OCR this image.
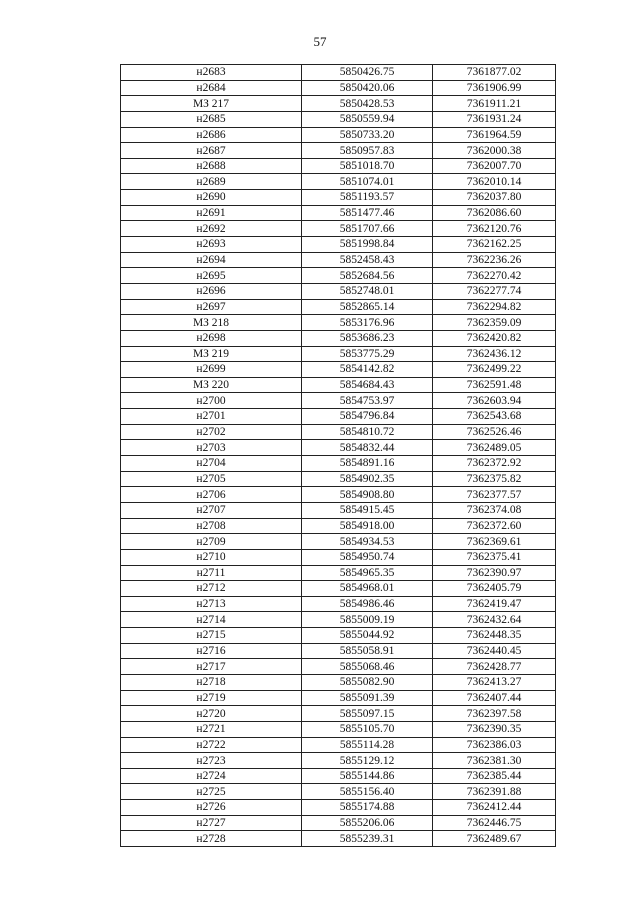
57
н2683	5850426.75	7361877.02
н2684	5850420.06	7361906.99
МЗ 217	5850428.53	7361911.21
н2685	5850559.94	7361931.24
н2686	5850733.20	7361964.59
н2687	5850957.83	7362000.38
н2688	5851018.70	7362007.70
н2689	5851074.01	7362010.14
н2690	5851193.57	7362037.80
н2691	5851477.46	7362086.60
н2692	5851707.66	7362120.76
н2693	5851998.84	7362162.25
н2694	5852458.43	7362236.26
н2695	5852684.56	7362270.42
н2696	5852748.01	7362277.74
н2697	5852865.14	7362294.82
МЗ 218	5853176.96	7362359.09
н2698	5853686.23	7362420.82
МЗ 219	5853775.29	7362436.12
н2699	5854142.82	7362499.22
МЗ 220	5854684.43	7362591.48
н2700	5854753.97	7362603.94
н2701	5854796.84	7362543.68
н2702	5854810.72	7362526.46
н2703	5854832.44	7362489.05
н2704	5854891.16	7362372.92
н2705	5854902.35	7362375.82
н2706	5854908.80	7362377.57
н2707	5854915.45	7362374.08
н2708	5854918.00	7362372.60
н2709	5854934.53	7362369.61
н2710	5854950.74	7362375.41
н2711	5854965.35	7362390.97
н2712	5854968.01	7362405.79
н2713	5854986.46	7362419.47
н2714	5855009.19	7362432.64
н2715	5855044.92	7362448.35
н2716	5855058.91	7362440.45
н2717	5855068.46	7362428.77
н2718	5855082.90	7362413.27
н2719	5855091.39	7362407.44
н2720	5855097.15	7362397.58
н2721	5855105.70	7362390.35
н2722	5855114.28	7362386.03
н2723	5855129.12	7362381.30
н2724	5855144.86	7362385.44
н2725	5855156.40	7362391.88
н2726	5855174.88	7362412.44
н2727	5855206.06	7362446.75
н2728	5855239.31	7362489.67
